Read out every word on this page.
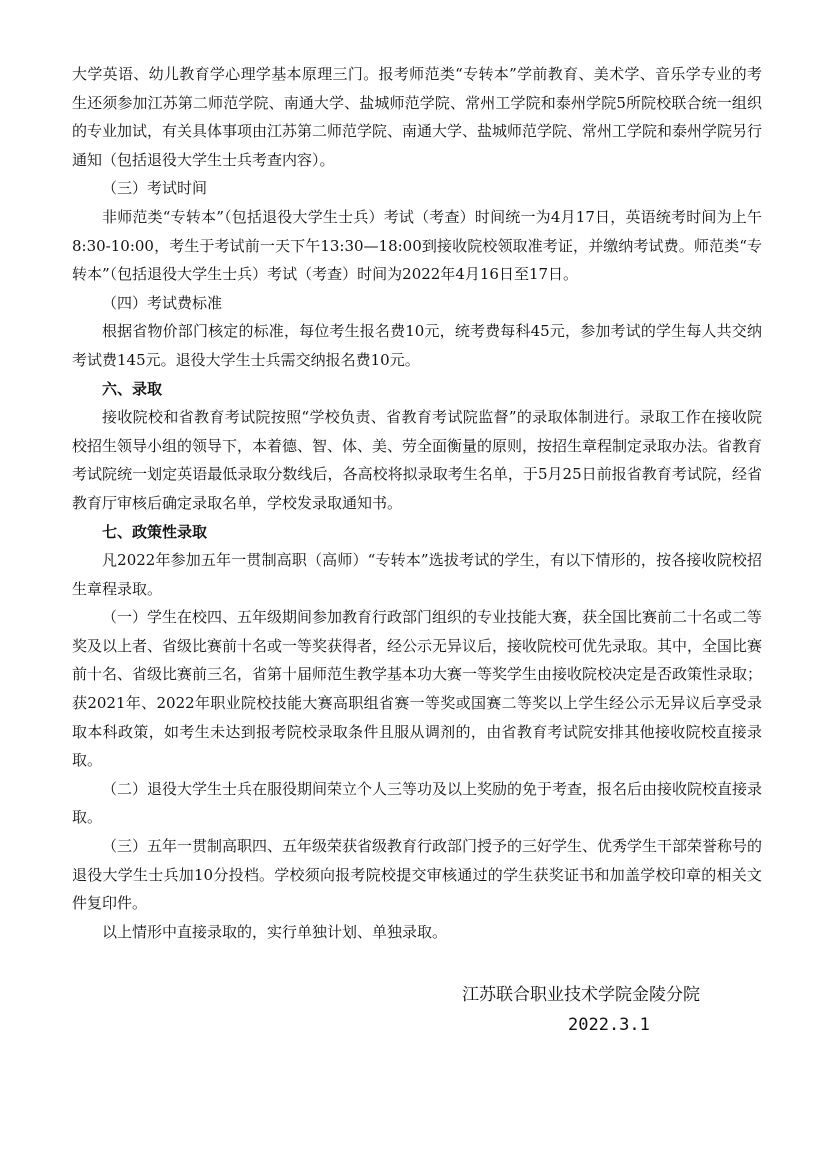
大学英语、幼儿教育学心理学基本原理三门。报考师范类“专转本”学前教育、美术学、音乐学专业的考生还须参加江苏第二师范学院、南通大学、盐城师范学院、常州工学院和泰州学院5所院校联合统一组织的专业加试，有关具体事项由江苏第二师范学院、南通大学、盐城师范学院、常州工学院和泰州学院另行通知（包括退役大学生士兵考查内容）。

（三）考试时间

非师范类“专转本”（包括退役大学生士兵）考试（考查）时间统一为4月17日，英语统考时间为上午8:30-10:00，考生于考试前一天下午13:30—18:00到接收院校领取准考证，并缴纳考试费。师范类“专转本”（包括退役大学生士兵）考试（考查）时间为2022年4月16日至17日。

（四）考试费标准

根据省物价部门核定的标准，每位考生报名费10元，统考费每科45元，参加考试的学生每人共交纳考试费145元。退役大学生士兵需交纳报名费10元。

六、录取

接收院校和省教育考试院按照“学校负责、省教育考试院监督”的录取体制进行。录取工作在接收院校招生领导小组的领导下，本着德、智、体、美、劳全面衡量的原则，按招生章程制定录取办法。省教育考试院统一划定英语最低录取分数线后，各高校将拟录取考生名单，于5月25日前报省教育考试院，经省教育厅审核后确定录取名单，学校发录取通知书。

七、政策性录取

凡2022年参加五年一贯制高职（高师）“专转本”选拔考试的学生，有以下情形的，按各接收院校招生章程录取。

（一）学生在校四、五年级期间参加教育行政部门组织的专业技能大赛，获全国比赛前二十名或二等奖及以上者、省级比赛前十名或一等奖获得者，经公示无异议后，接收院校可优先录取。其中，全国比赛前十名、省级比赛前三名，省第十届师范生教学基本功大赛一等奖学生由接收院校决定是否政策性录取；获2021年、2022年职业院校技能大赛高职组省赛一等奖或国赛二等奖以上学生经公示无异议后享受录取本科政策，如考生未达到报考院校录取条件且服从调剂的，由省教育考试院安排其他接收院校直接录取。

（二）退役大学生士兵在服役期间荣立个人三等功及以上奖励的免于考查，报名后由接收院校直接录取。

（三）五年一贯制高职四、五年级荣获省级教育行政部门授予的三好学生、优秀学生干部荣誉称号的退役大学生士兵加10分投档。学校须向报考院校提交审核通过的学生获奖证书和加盖学校印章的相关文件复印件。

以上情形中直接录取的，实行单独计划、单独录取。

江苏联合职业技术学院金陵分院
2022.3.1
